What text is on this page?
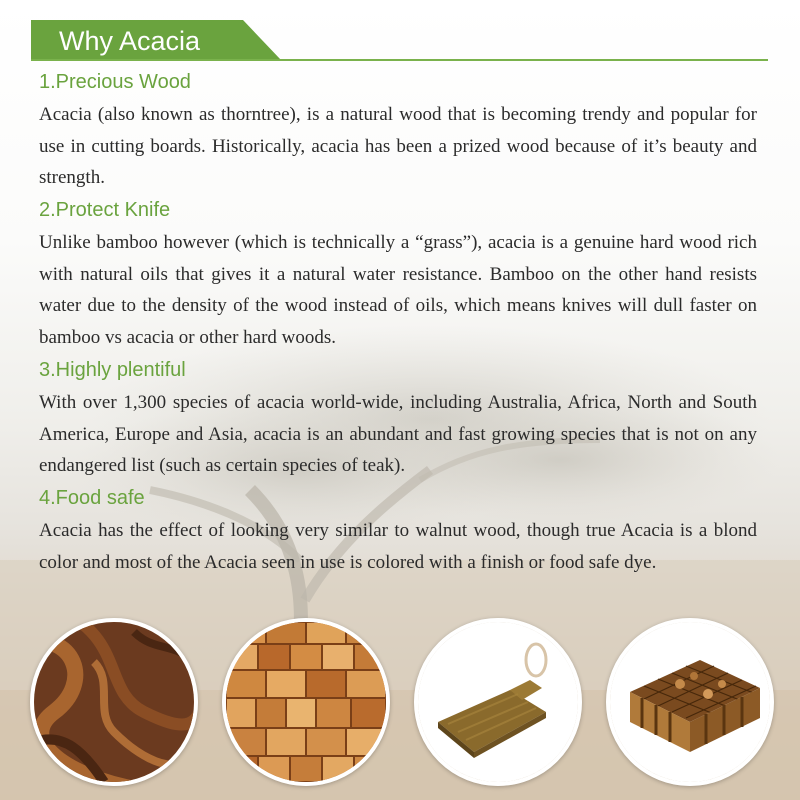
Why Acacia
1.Precious Wood

Acacia (also known as thorntree), is a natural wood that is becoming trendy and popular for use in cutting boards. Historically, acacia has been a prized wood because of it’s beauty and strength.

2.Protect Knife

Unlike bamboo however (which is technically a “grass”), acacia is a genuine hard wood rich with natural oils that gives it a natural water resistance. Bamboo on the other hand resists water due to the density of the wood instead of oils, which means knives will dull faster on bamboo vs acacia or other hard woods.

3.Highly plentiful

With over 1,300 species of acacia world-wide, including Australia, Africa, North and South America, Europe and Asia, acacia is an abundant and fast growing species that is not on any endangered list (such as certain species of teak).

4.Food safe

Acacia has the effect of looking very similar to walnut wood, though true Acacia is a blond color and most of the Acacia seen in use is colored with a finish or food safe dye.
